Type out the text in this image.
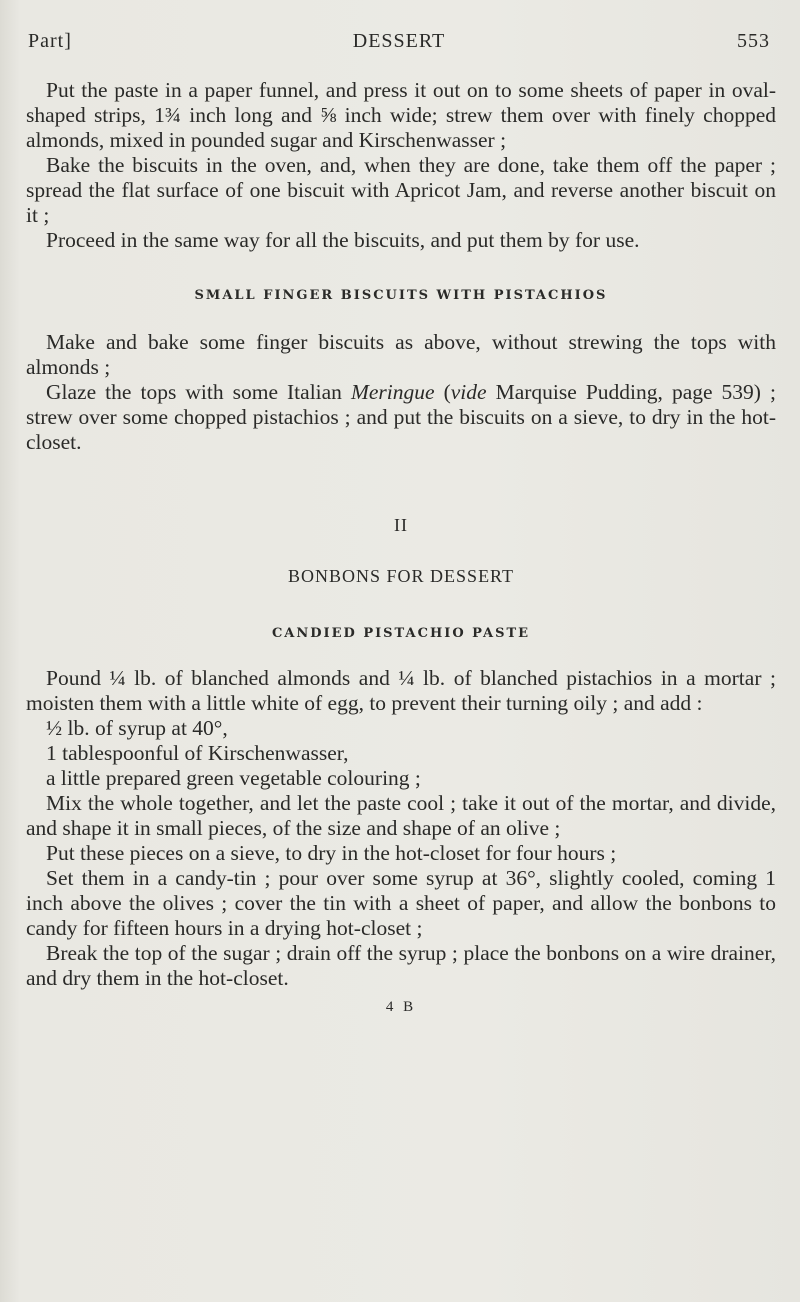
Part]	DESSERT	553

Put the paste in a paper funnel, and press it out on to some sheets of paper in oval-shaped strips, 1¾ inch long and ⅝ inch wide; strew them over with finely chopped almonds, mixed in pounded sugar and Kirschenwasser ;

Bake the biscuits in the oven, and, when they are done, take them off the paper ; spread the flat surface of one biscuit with Apricot Jam, and reverse another biscuit on it ;

Proceed in the same way for all the biscuits, and put them by for use.

SMALL FINGER BISCUITS WITH PISTACHIOS

Make and bake some finger biscuits as above, without strewing the tops with almonds ;

Glaze the tops with some Italian Meringue (vide Marquise Pudding, page 539) ; strew over some chopped pistachios ; and put the biscuits on a sieve, to dry in the hot-closet.

II

BONBONS FOR DESSERT

CANDIED PISTACHIO PASTE

Pound ¼ lb. of blanched almonds and ¼ lb. of blanched pistachios in a mortar ; moisten them with a little white of egg, to prevent their turning oily ; and add :

½ lb. of syrup at 40°,

1 tablespoonful of Kirschenwasser,

a little prepared green vegetable colouring ;

Mix the whole together, and let the paste cool ; take it out of the mortar, and divide, and shape it in small pieces, of the size and shape of an olive ;

Put these pieces on a sieve, to dry in the hot-closet for four hours ;

Set them in a candy-tin ; pour over some syrup at 36°, slightly cooled, coming 1 inch above the olives ; cover the tin with a sheet of paper, and allow the bonbons to candy for fifteen hours in a drying hot-closet ;

Break the top of the sugar ; drain off the syrup ; place the bonbons on a wire drainer, and dry them in the hot-closet.

4 B
